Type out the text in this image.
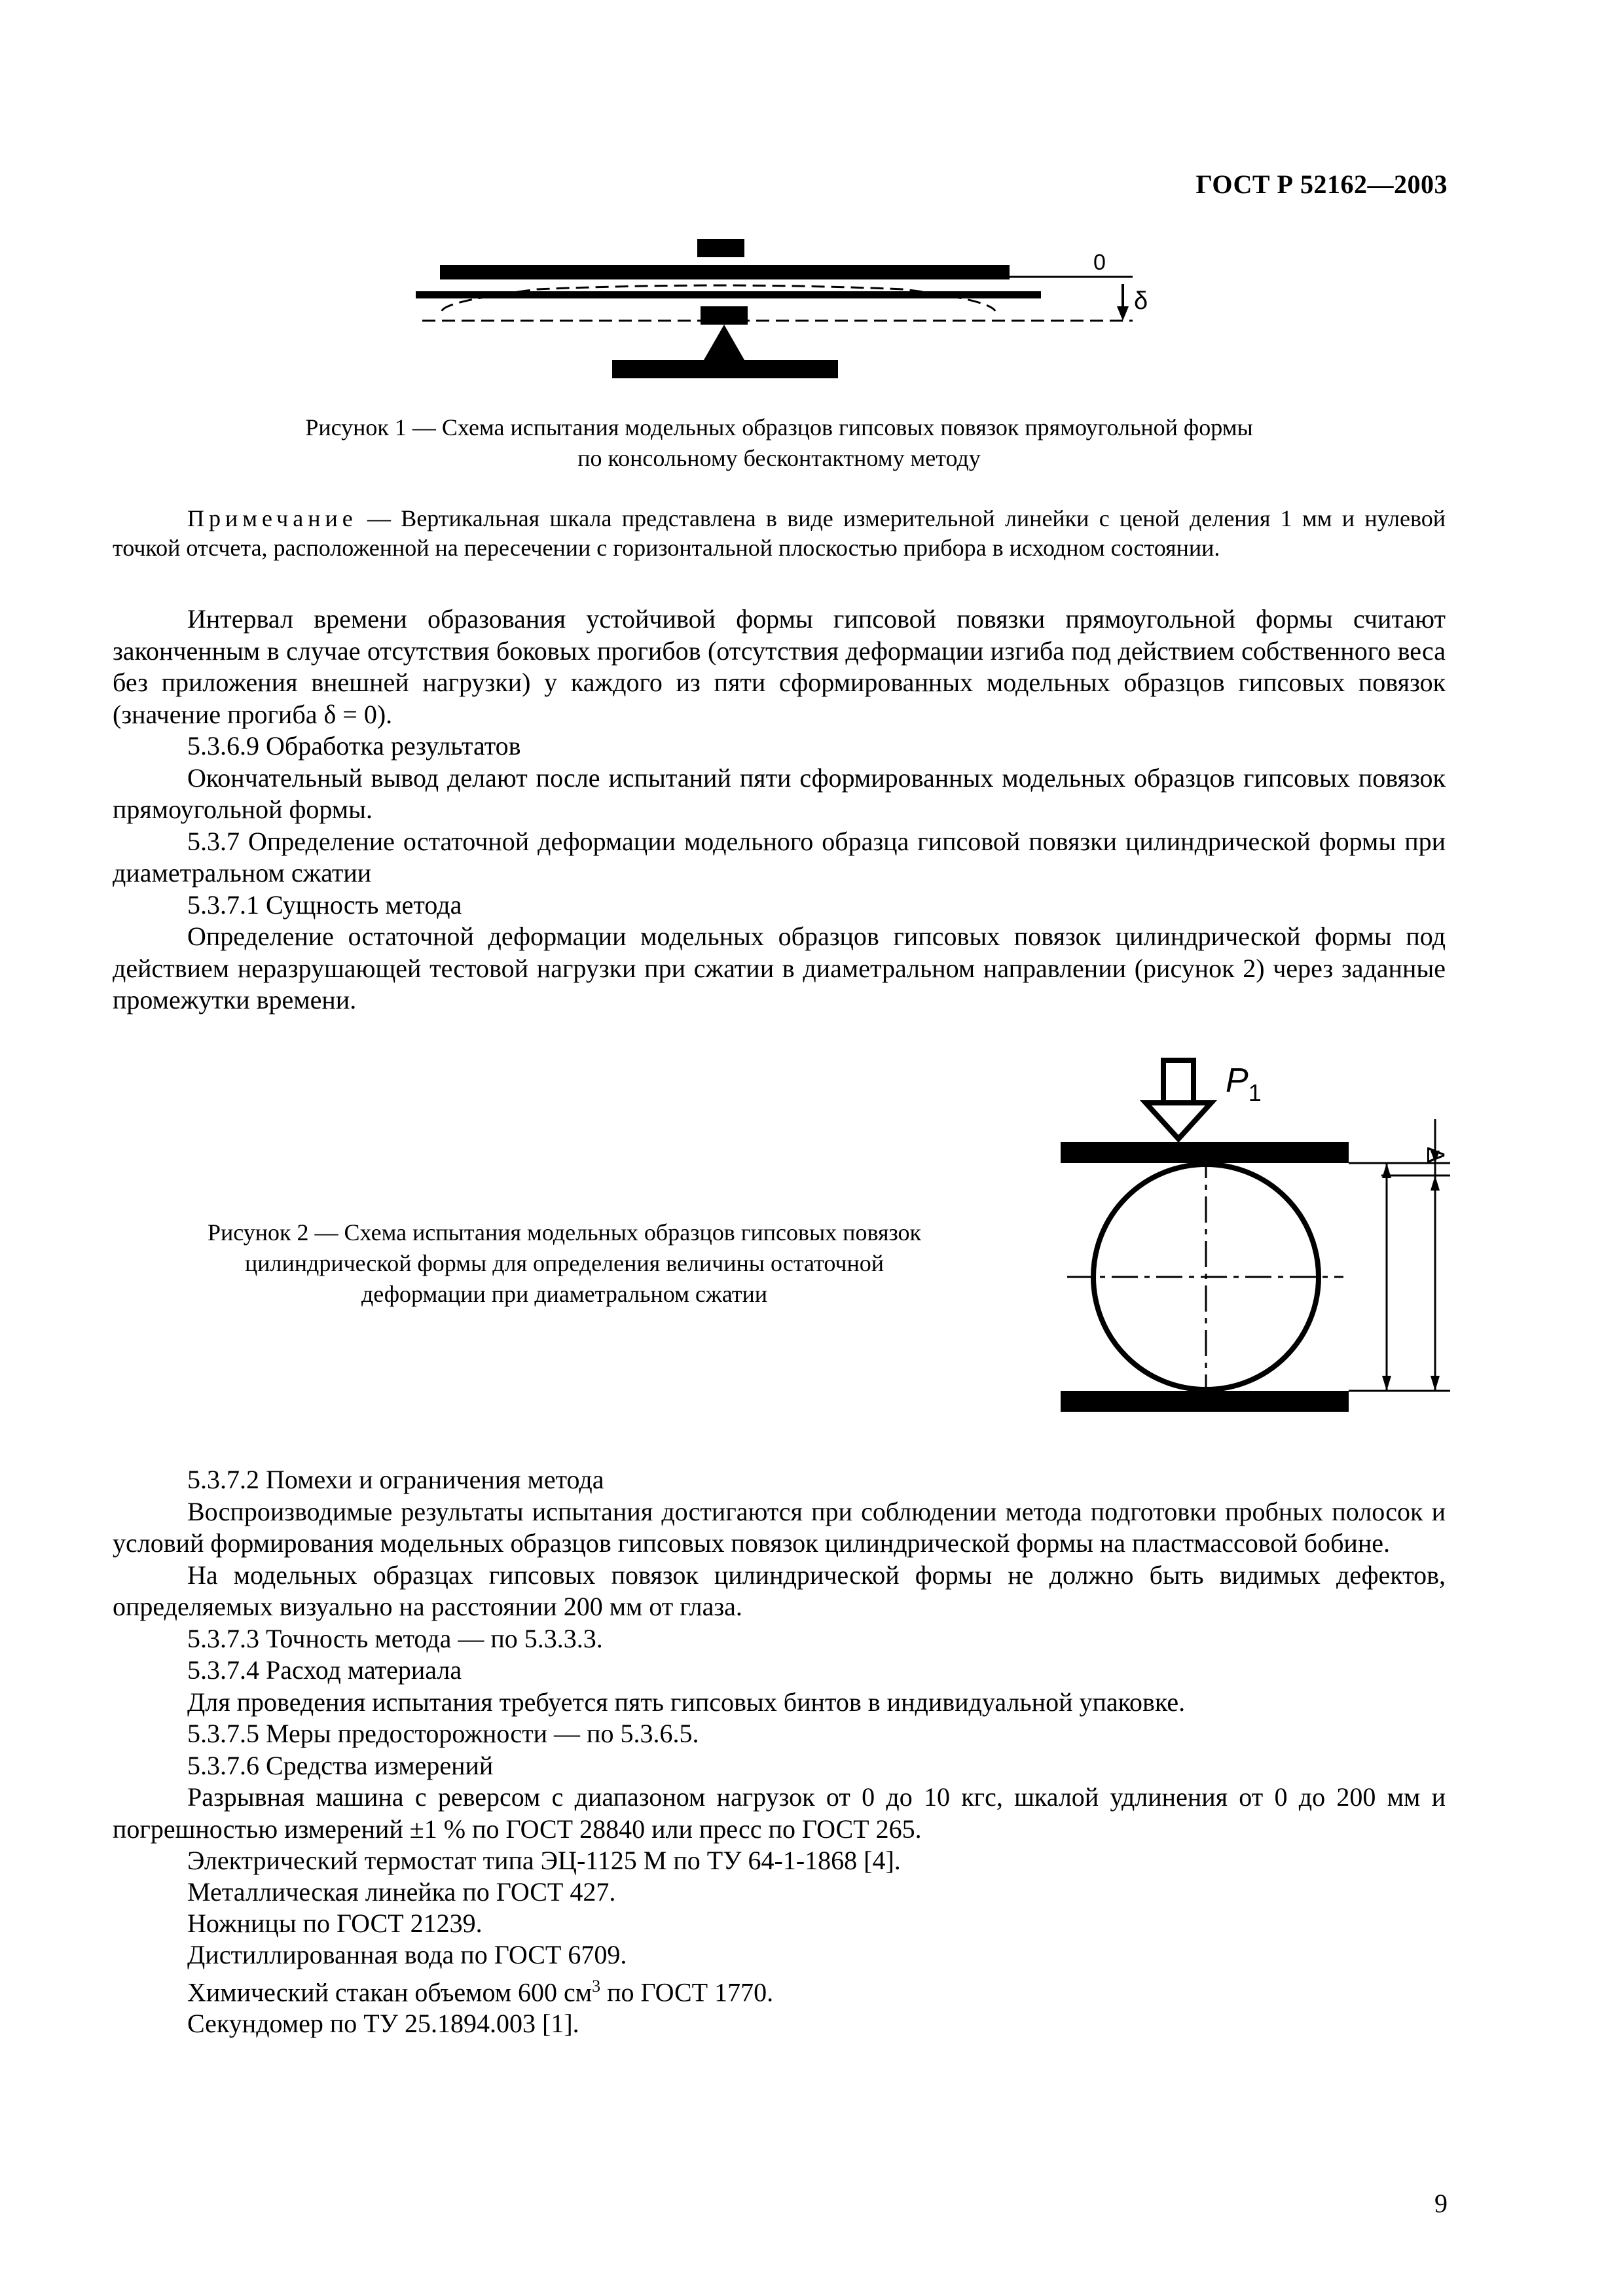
ГОСТ Р 52162—2003
0
δ
Рисунок 1 — Схема испытания модельных образцов гипсовых повязок прямоугольной формы
по консольному бесконтактному методу
Примечание — Вертикальная шкала представлена в виде измерительной линейки с ценой деления 1 мм и нулевой точкой отсчета, расположенной на пересечении с горизонтальной плоскостью прибора в исходном состоянии.
Интервал времени образования устойчивой формы гипсовой повязки прямоугольной формы считают законченным в случае отсутствия боковых прогибов (отсутствия деформации изгиба под действием собственного веса без приложения внешней нагрузки) у каждого из пяти сформированных модельных образцов гипсовых повязок (значение прогиба δ = 0).
5.3.6.9 Обработка результатов
Окончательный вывод делают после испытаний пяти сформированных модельных образцов гипсовых повязок прямоугольной формы.
5.3.7 Определение остаточной деформации модельного образца гипсовой повязки цилиндрической формы при диаметральном сжатии
5.3.7.1 Сущность метода
Определение остаточной деформации модельных образцов гипсовых повязок цилиндрической формы под действием неразрушающей тестовой нагрузки при сжатии в диаметральном направлении (рисунок 2) через заданные промежутки времени.
$P_1$
Δ
Рисунок 2 — Схема испытания модельных образцов гипсовых повязок
цилиндрической формы для определения величины остаточной
деформации при диаметральном сжатии
5.3.7.2 Помехи и ограничения метода
Воспроизводимые результаты испытания достигаются при соблюдении метода подготовки пробных полосок и условий формирования модельных образцов гипсовых повязок цилиндрической формы на пластмассовой бобине.
На модельных образцах гипсовых повязок цилиндрической формы не должно быть видимых дефектов, определяемых визуально на расстоянии 200 мм от глаза.
5.3.7.3 Точность метода — по 5.3.3.3.
5.3.7.4 Расход материала
Для проведения испытания требуется пять гипсовых бинтов в индивидуальной упаковке.
5.3.7.5 Меры предосторожности — по 5.3.6.5.
5.3.7.6 Средства измерений
Разрывная машина с реверсом с диапазоном нагрузок от 0 до 10 кгс, шкалой удлинения от 0 до 200 мм и погрешностью измерений ±1 % по ГОСТ 28840 или пресс по ГОСТ 265.
Электрический термостат типа ЭЦ-1125 М по ТУ 64-1-1868 [4].
Металлическая линейка по ГОСТ 427.
Ножницы по ГОСТ 21239.
Дистиллированная вода по ГОСТ 6709.
Химический стакан объемом 600 $см^3$ по ГОСТ 1770.
Секундомер по ТУ 25.1894.003 [1].
9
